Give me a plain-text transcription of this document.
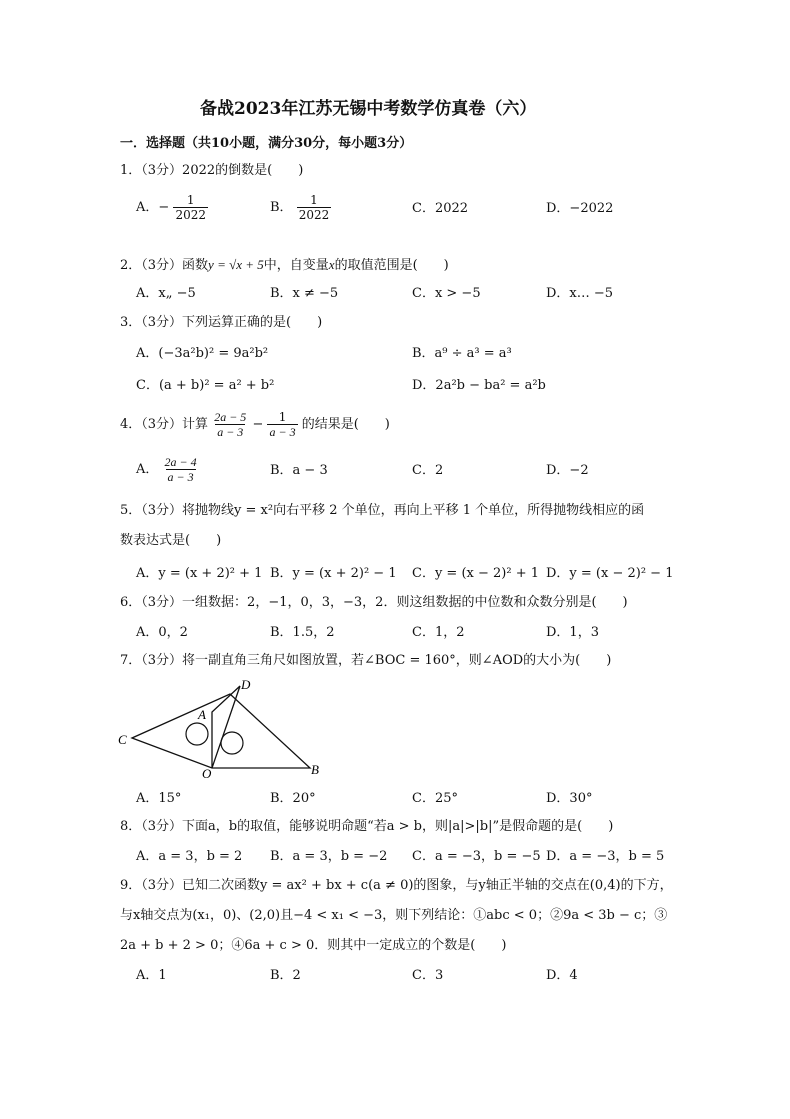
备战2023年江苏无锡中考数学仿真卷（六）
一．选择题（共10小题，满分30分，每小题3分）
1．（3分）2022的倒数是(　　)
A．− $\frac{1}{2022}$	B． $\frac{1}{2022}$	C．2022	D．−2022
2．（3分）函数y = √x + 5中，自变量x的取值范围是(　　)
A．x„ −5	B．x ≠ −5	C．x > −5	D．x… −5
3．（3分）下列运算正确的是(　　)
A．(−3a²b)² = 9a²b²	B．a⁹ ÷ a³ = a³
C．(a + b)² = a² + b²	D．2a²b − ba² = a²b
4．（3分）计算 $\frac{2a - 5}{a - 3} - \frac{1}{a - 3}$ 的结果是(　　)
A． $\frac{2a - 4}{a - 3}$	B．a − 3	C．2	D．−2
5．（3分）将抛物线y = x²向右平移 2 个单位，再向上平移 1 个单位，所得抛物线相应的函
数表达式是(　　)
A．y = (x + 2)² + 1 B．y = (x + 2)² − 1 C．y = (x − 2)² + 1 D．y = (x − 2)² − 1
6．（3分）一组数据：2，−1，0，3，−3，2．则这组数据的中位数和众数分别是(　　)
A．0，2	B．1.5，2	C．1，2	D．1，3
7．（3分）将一副直角三角尺如图放置，若∠BOC = 160°，则∠AOD的大小为(　　)
D
A
C
O	B
A．15°	B．20°	C．25°	D．30°
8．（3分）下面a，b的取值，能够说明命题“若a > b，则|a|>|b|”是假命题的是(　　)
A．a = 3，b = 2 B．a = 3，b = −2 C．a = −3，b = −5 D．a = −3，b = 5
9．（3分）已知二次函数y = ax² + bx + c(a ≠ 0)的图象，与y轴正半轴的交点在(0,4)的下方，
与x轴交点为(x₁，0)、(2,0)且−4 < x₁ < −3，则下列结论：①abc < 0；②9a < 3b − c；③
2a + b + 2 > 0；④6a + c > 0．则其中一定成立的个数是(　　)
A．1	B．2	C．3	D．4
